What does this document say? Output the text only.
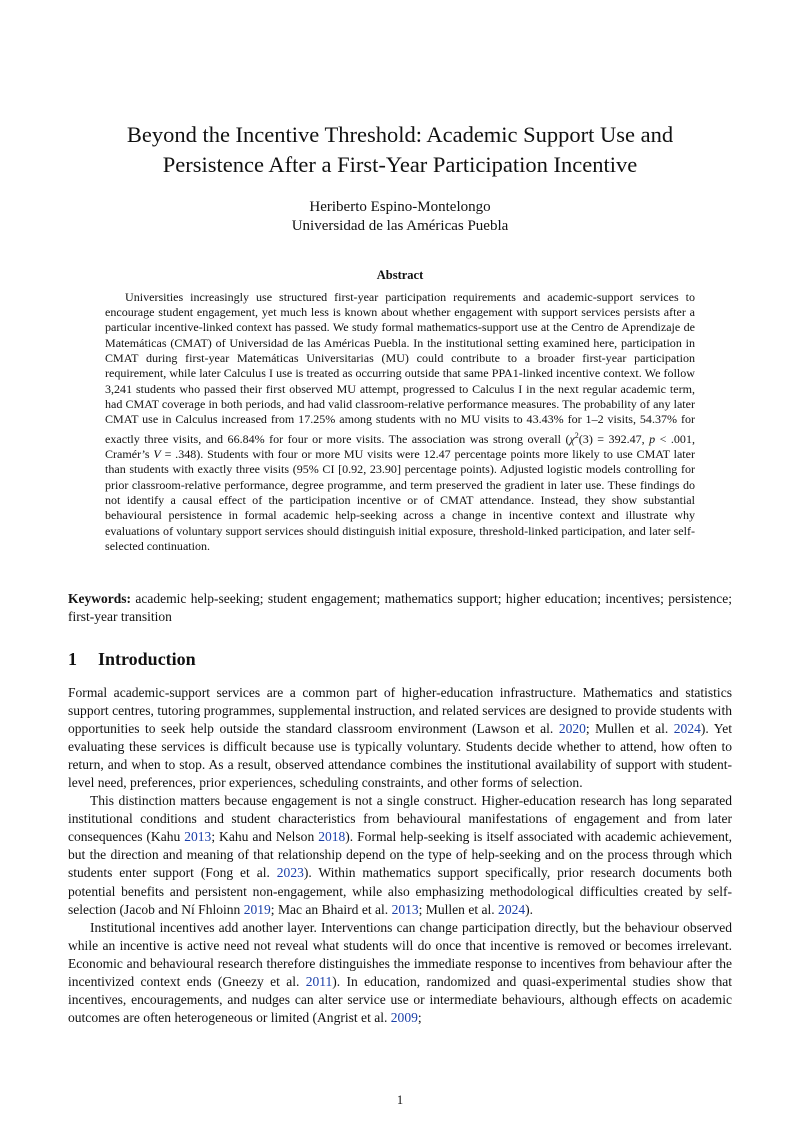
Beyond the Incentive Threshold: Academic Support Use and
Persistence After a First-Year Participation Incentive
Heriberto Espino-Montelongo
Universidad de las Américas Puebla
Abstract
Universities increasingly use structured first-year participation requirements and academic-support services to encourage student engagement, yet much less is known about whether engagement with support services persists after a particular incentive-linked context has passed. We study formal mathematics-support use at the Centro de Aprendizaje de Matemáticas (CMAT) of Universidad de las Américas Puebla. In the institutional setting examined here, participation in CMAT during first-year Matemáticas Universitarias (MU) could contribute to a broader first-year participation requirement, while later Calculus I use is treated as occurring outside that same PPA1-linked incentive context. We follow 3,241 students who passed their first observed MU attempt, progressed to Calculus I in the next regular academic term, had CMAT coverage in both periods, and had valid classroom-relative performance measures. The probability of any later CMAT use in Calculus increased from 17.25% among students with no MU visits to 43.43% for 1–2 visits, 54.37% for exactly three visits, and 66.84% for four or more visits. The association was strong overall ($\chi^2(3) = 392.47$, p < .001, Cramér’s V = .348). Students with four or more MU visits were 12.47 percentage points more likely to use CMAT later than students with exactly three visits (95% CI [0.92, 23.90] percentage points). Adjusted logistic models controlling for prior classroom-relative performance, degree programme, and term preserved the gradient in later use. These findings do not identify a causal effect of the participation incentive or of CMAT attendance. Instead, they show substantial behavioural persistence in formal academic help-seeking across a change in incentive context and illustrate why evaluations of voluntary support services should distinguish initial exposure, threshold-linked participation, and later self-selected continuation.
Keywords: academic help-seeking; student engagement; mathematics support; higher education; incentives; persistence; first-year transition
1 Introduction

Formal academic-support services are a common part of higher-education infrastructure. Mathematics and statistics support centres, tutoring programmes, supplemental instruction, and related services are designed to provide students with opportunities to seek help outside the standard classroom environment (Lawson et al. 2020; Mullen et al. 2024). Yet evaluating these services is difficult because use is typically voluntary. Students decide whether to attend, how often to return, and when to stop. As a result, observed attendance combines the institutional availability of support with student-level need, preferences, prior experiences, scheduling constraints, and other forms of selection.

This distinction matters because engagement is not a single construct. Higher-education research has long separated institutional conditions and student characteristics from behavioural manifestations of engagement and from later consequences (Kahu 2013; Kahu and Nelson 2018). Formal help-seeking is itself associated with academic achievement, but the direction and meaning of that relationship depend on the type of help-seeking and on the process through which students enter support (Fong et al. 2023). Within mathematics support specifically, prior research documents both potential benefits and persistent non-engagement, while also emphasizing methodological difficulties created by self-selection (Jacob and Ní Fhloinn 2019; Mac an Bhaird et al. 2013; Mullen et al. 2024).

Institutional incentives add another layer. Interventions can change participation directly, but the behaviour observed while an incentive is active need not reveal what students will do once that incentive is removed or becomes irrelevant. Economic and behavioural research therefore distinguishes the immediate response to incentives from behaviour after the incentivized context ends (Gneezy et al. 2011). In education, randomized and quasi-experimental studies show that incentives, encouragements, and nudges can alter service use or intermediate behaviours, although effects on academic outcomes are often heterogeneous or limited (Angrist et al. 2009;

1
